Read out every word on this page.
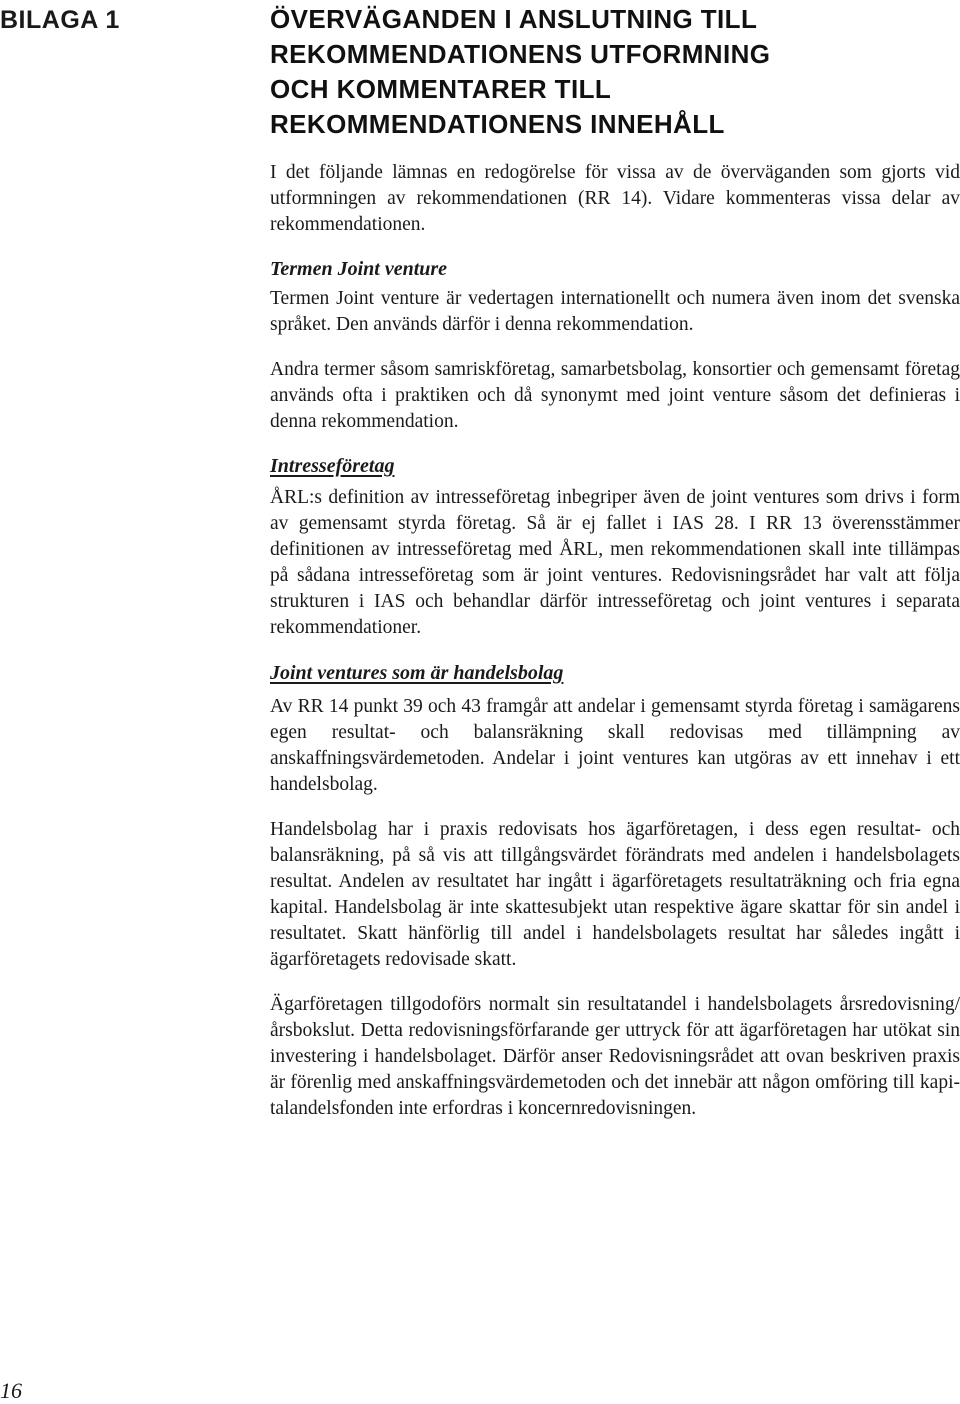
BILAGA 1	ÖVERVÄGANDEN I ANSLUTNING TILL
REKOMMENDATIONENS UTFORMNING
OCH KOMMENTARER TILL
REKOMMENDATIONENS INNEHÅLL

I det följande lämnas en redogörelse för vissa av de överväganden som gjorts vid utformningen av rekommendationen (RR 14). Vidare kommenteras vissa delar av rekommendationen.

Termen Joint venture

Termen Joint venture är vedertagen internationellt och numera även inom det svenska språket. Den används därför i denna rekommendation.

Andra termer såsom samriskföretag, samarbetsbolag, konsortier och gemensamt företag används ofta i praktiken och då synonymt med joint venture såsom det definieras i denna rekommendation.

Intresseföretag

ÅRL:s definition av intresseföretag inbegriper även de joint ventures som drivs i form av gemensamt styrda företag. Så är ej fallet i IAS 28. I RR 13 överensstämmer definitionen av intresseföretag med ÅRL, men rekommendationen skall inte tillämpas på sådana intresseföretag som är joint ventures. Redovisningsrådet har valt att följa strukturen i IAS och behandlar därför intresseföretag och joint ventures i separata rekommendationer.

Joint ventures som är handelsbolag

Av RR 14 punkt 39 och 43 framgår att andelar i gemensamt styrda företag i samägarens egen resultat- och balansräkning skall redovisas med tillämpning av anskaffningsvärdemetoden. Andelar i joint ventures kan utgöras av ett innehav i ett handelsbolag.

Handelsbolag har i praxis redovisats hos ägarföretagen, i dess egen resultat- och balansräkning, på så vis att tillgångsvärdet förändrats med andelen i handelsbolagets resultat. Andelen av resultatet har ingått i ägarföretagets resultaträkning och fria egna kapital. Handelsbolag är inte skattesubjekt utan respektive ägare skattar för sin andel i resultatet. Skatt hänförlig till andel i handelsbolagets resultat har således ingått i ägarföretagets redovisade skatt.

Ägarföretagen tillgodoförs normalt sin resultatandel i handelsbolagets årsredovisning/årsbokslut. Detta redovisningsförfarande ger uttryck för att ägarföretagen har utökat sin investering i handelsbolaget. Därför anser Redovisningsrådet att ovan beskriven praxis är förenlig med anskaffningsvärdemetoden och det innebär att någon omföring till kapitalandelsfonden inte erfordras i koncernredovisningen.

16
